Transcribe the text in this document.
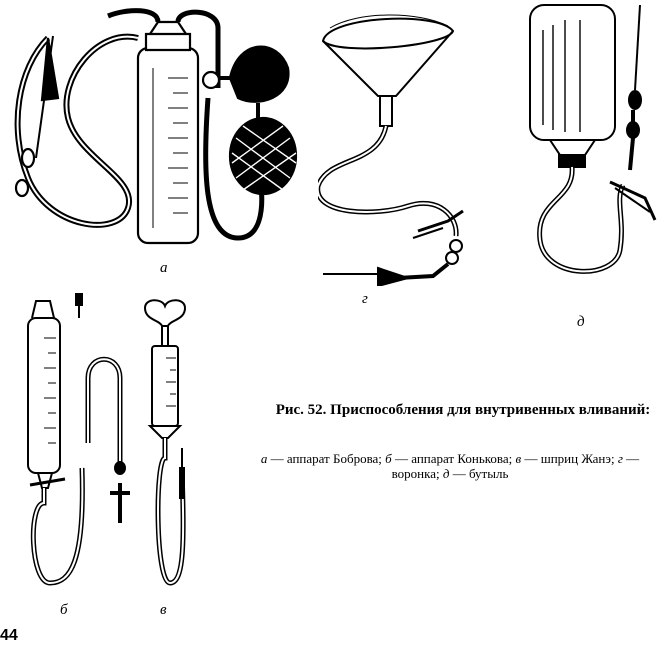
а
г
д
б	в
Рис. 52. Приспособления для внутривенных вливаний:
а — аппарат Боброва; б — аппарат Конькова; в — шприц Жанэ; г — воронка; д — бутыль
44
